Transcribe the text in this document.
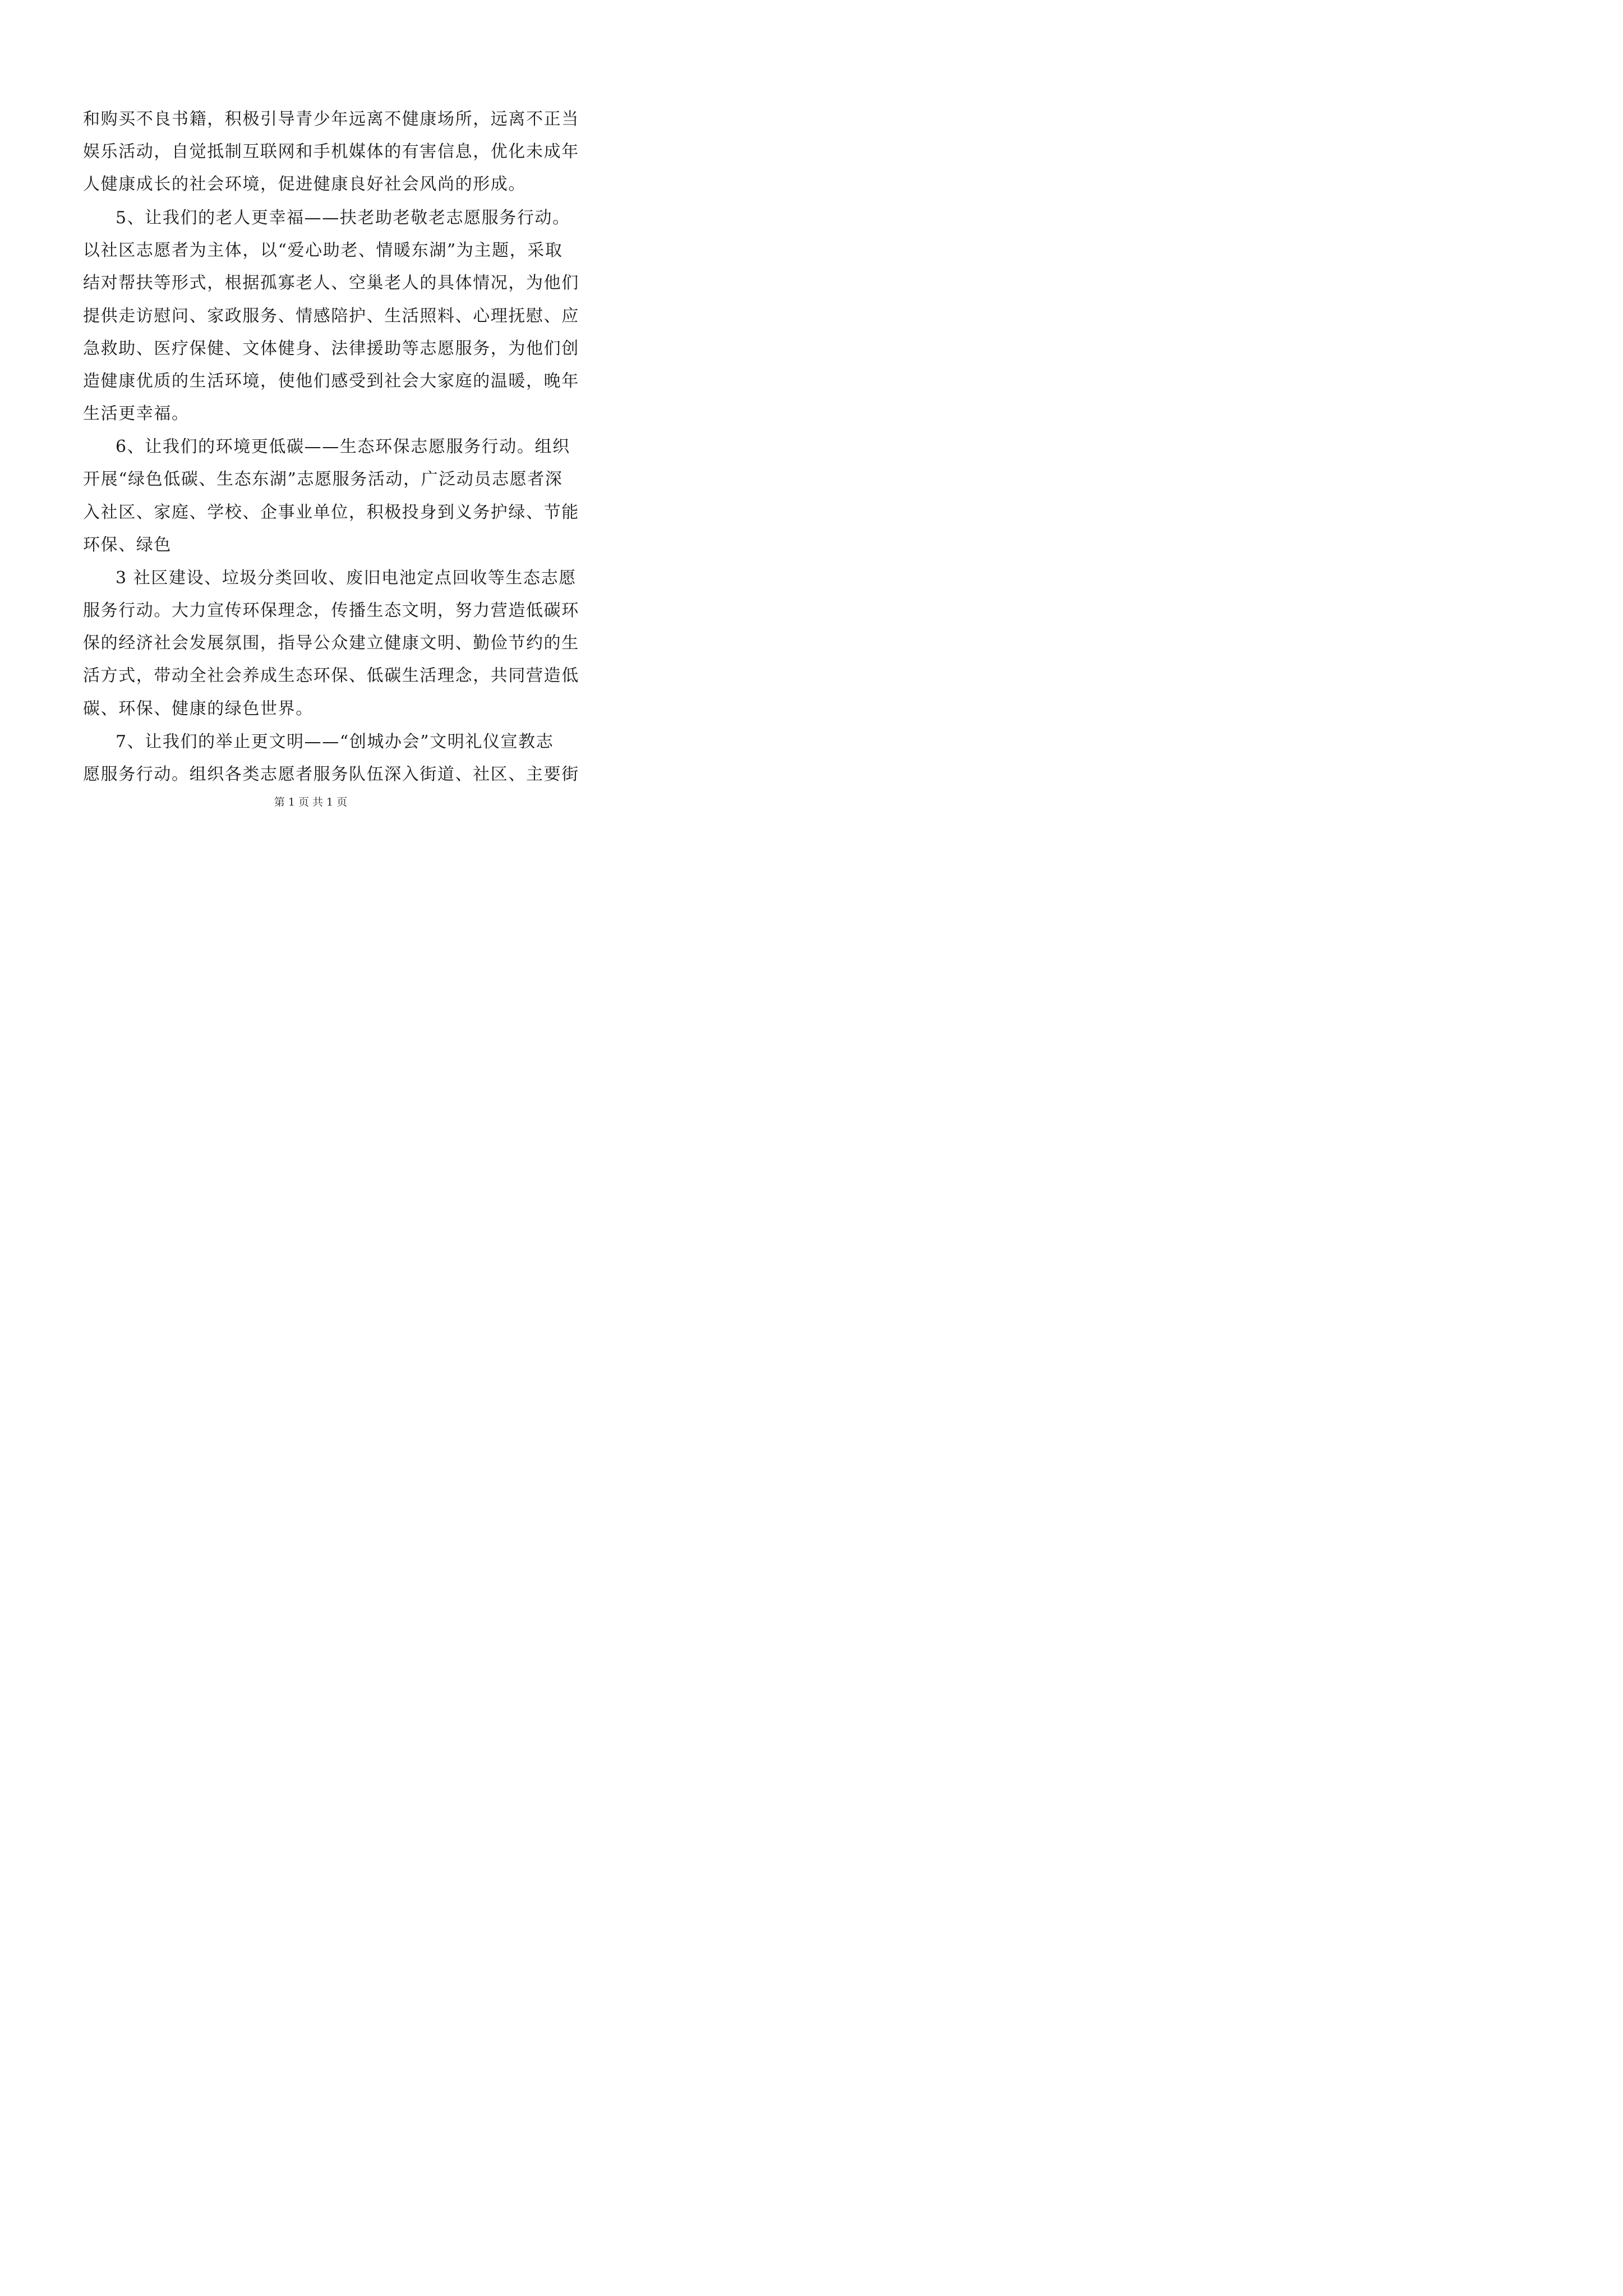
和购买不良书籍，积极引导青少年远离不健康场所，远离不正当
娱乐活动，自觉抵制互联网和手机媒体的有害信息，优化未成年
人健康成长的社会环境，促进健康良好社会风尚的形成。
5、让我们的老人更幸福——扶老助老敬老志愿服务行动。
以社区志愿者为主体，以“爱心助老、情暖东湖”为主题，采取
结对帮扶等形式，根据孤寡老人、空巢老人的具体情况，为他们
提供走访慰问、家政服务、情感陪护、生活照料、心理抚慰、应
急救助、医疗保健、文体健身、法律援助等志愿服务，为他们创
造健康优质的生活环境，使他们感受到社会大家庭的温暖，晚年
生活更幸福。
6、让我们的环境更低碳——生态环保志愿服务行动。组织
开展“绿色低碳、生态东湖”志愿服务活动，广泛动员志愿者深
入社区、家庭、学校、企事业单位，积极投身到义务护绿、节能
环保、绿色
3 社区建设、垃圾分类回收、废旧电池定点回收等生态志愿
服务行动。大力宣传环保理念，传播生态文明，努力营造低碳环
保的经济社会发展氛围，指导公众建立健康文明、勤俭节约的生
活方式，带动全社会养成生态环保、低碳生活理念，共同营造低
碳、环保、健康的绿色世界。
7、让我们的举止更文明——“创城办会”文明礼仪宣教志
愿服务行动。组织各类志愿者服务队伍深入街道、社区、主要街
第 1 页 共 1 页
